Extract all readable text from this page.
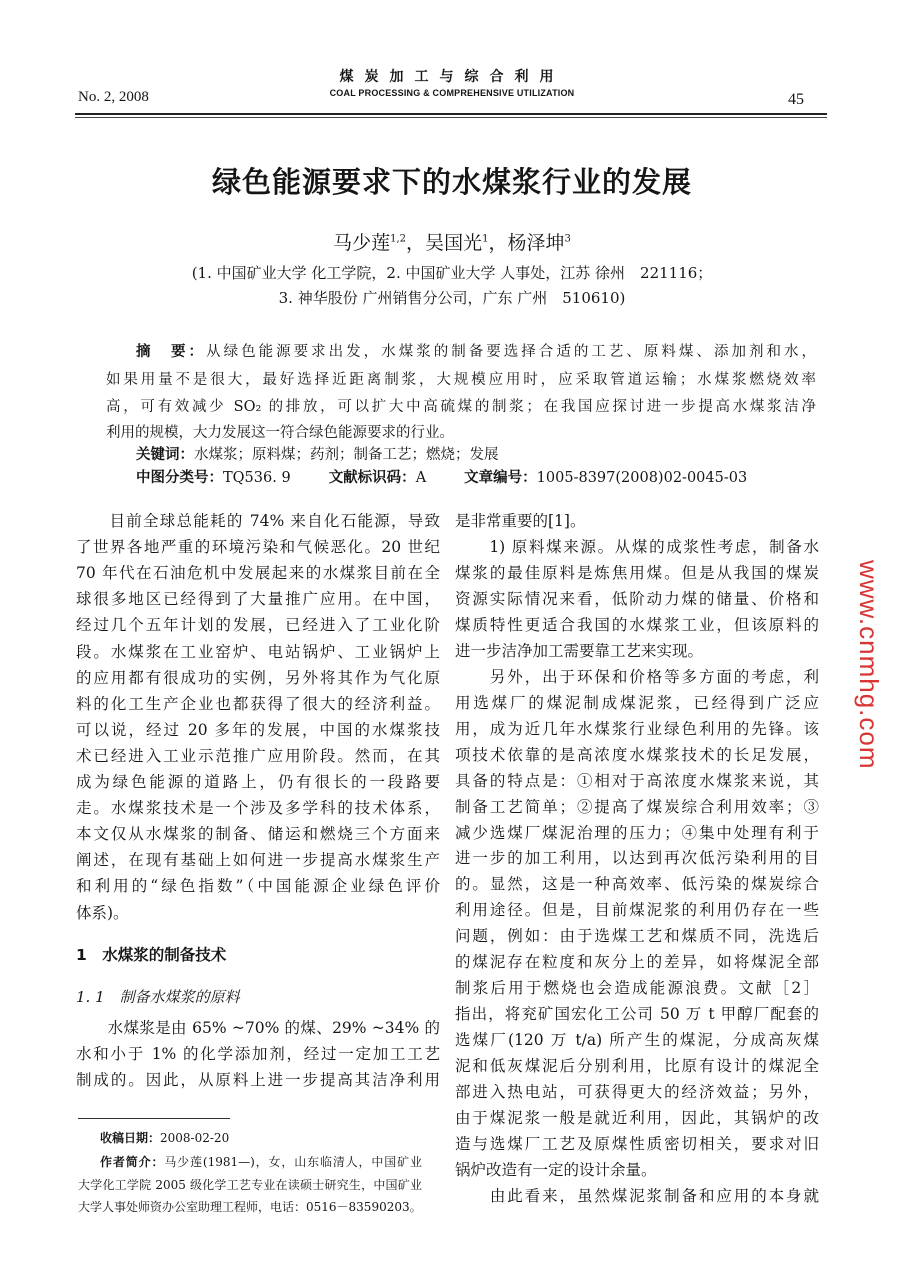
煤炭加工与综合利用
COAL PROCESSING & COMPREHENSIVE UTILIZATION
No. 2, 2008	45
绿色能源要求下的水煤浆行业的发展
马少莲$^{1,2}$，吴国光$^1$，杨泽坤$^3$
(1. 中国矿业大学 化工学院，2. 中国矿业大学 人事处，江苏 徐州　221116；
3. 神华股份 广州销售分公司，广东 广州　510610)
摘　要：从绿色能源要求出发，水煤浆的制备要选择合适的工艺、原料煤、添加剂和水，
如果用量不是很大，最好选择近距离制浆，大规模应用时，应采取管道运输；水煤浆燃烧效率
高，可有效减少 SO₂ 的排放，可以扩大中高硫煤的制浆；在我国应探讨进一步提高水煤浆洁净
利用的规模，大力发展这一符合绿色能源要求的行业。
关键词：水煤浆；原料煤；药剂；制备工艺；燃烧；发展
中图分类号：TQ536. 9	文献标识码：A	文章编号：1005-8397(2008)02-0045-03
　　目前全球总能耗的 74% 来自化石能源，导致
了世界各地严重的环境污染和气候恶化。20 世纪
70 年代在石油危机中发展起来的水煤浆目前在全
球很多地区已经得到了大量推广应用。在中国，
经过几个五年计划的发展，已经进入了工业化阶
段。水煤浆在工业窑炉、电站锅炉、工业锅炉上
的应用都有很成功的实例，另外将其作为气化原
料的化工生产企业也都获得了很大的经济利益。
可以说，经过 20 多年的发展，中国的水煤浆技
术已经进入工业示范推广应用阶段。然而，在其
成为绿色能源的道路上，仍有很长的一段路要
走。水煤浆技术是一个涉及多学科的技术体系，
本文仅从水煤浆的制备、储运和燃烧三个方面来
阐述，在现有基础上如何进一步提高水煤浆生产
和利用的“绿色指数”（中国能源企业绿色评价
体系)。
1　水煤浆的制备技术
1. 1　制备水煤浆的原料
　　水煤浆是由 65% ~70% 的煤、29% ~34% 的
水和小于 1% 的化学添加剂，经过一定加工工艺
制成的。因此，从原料上进一步提高其洁净利用
是非常重要的[1]。
　　1) 原料煤来源。从煤的成浆性考虑，制备水
煤浆的最佳原料是炼焦用煤。但是从我国的煤炭
资源实际情况来看，低阶动力煤的储量、价格和
煤质特性更适合我国的水煤浆工业，但该原料的
进一步洁净加工需要靠工艺来实现。
　　另外，出于环保和价格等多方面的考虑，利
用选煤厂的煤泥制成煤泥浆，已经得到广泛应
用，成为近几年水煤浆行业绿色利用的先锋。该
项技术依靠的是高浓度水煤浆技术的长足发展，
具备的特点是：①相对于高浓度水煤浆来说，其
制备工艺简单；②提高了煤炭综合利用效率；③
减少选煤厂煤泥治理的压力；④集中处理有利于
进一步的加工利用，以达到再次低污染利用的目
的。显然，这是一种高效率、低污染的煤炭综合
利用途径。但是，目前煤泥浆的利用仍存在一些
问题，例如：由于选煤工艺和煤质不同，洗选后
的煤泥存在粒度和灰分上的差异，如将煤泥全部
制浆后用于燃烧也会造成能源浪费。文献［2］
指出，将兖矿国宏化工公司 50 万 t 甲醇厂配套的
选煤厂(120 万 t/a) 所产生的煤泥，分成高灰煤
泥和低灰煤泥后分别利用，比原有设计的煤泥全
部进入热电站，可获得更大的经济效益；另外，
由于煤泥浆一般是就近利用，因此，其锅炉的改
造与选煤厂工艺及原煤性质密切相关，要求对旧
锅炉改造有一定的设计余量。
　　由此看来，虽然煤泥浆制备和应用的本身就
收稿日期：2008-02-20
作者简介：马少莲(1981—)，女，山东临清人，中国矿业
大学化工学院 2005 级化学工艺专业在读硕士研究生，中国矿业
大学人事处师资办公室助理工程师，电话：0516－83590203。
www.cnmhg.com
